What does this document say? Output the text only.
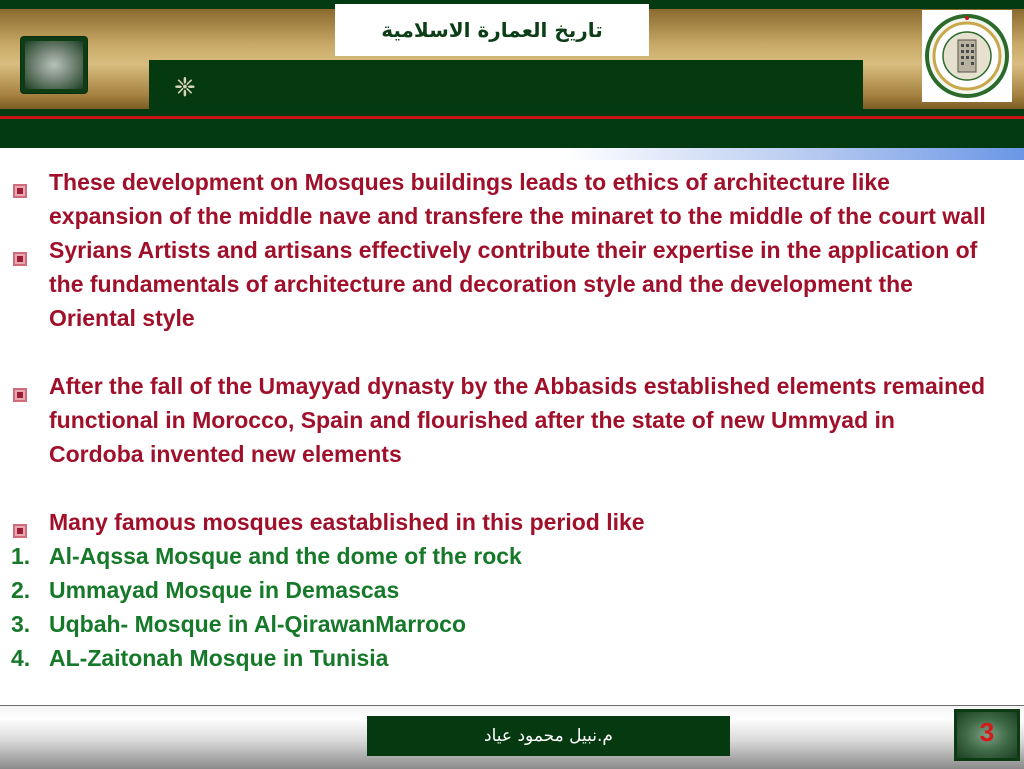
تاريخ العمارة الاسلامية
❈
These development on Mosques buildings leads to ethics of architecture like expansion of the middle nave and transfere the minaret to the middle of the court wall
Syrians Artists and artisans effectively contribute their expertise in the application of the fundamentals of architecture and decoration style and the development the Oriental style
After the fall of the Umayyad dynasty by the Abbasids established elements remained functional in Morocco, Spain and flourished after the state of new Ummyad in Cordoba invented new elements
Many famous mosques eastablished in this period like
1. Al-Aqssa Mosque and the dome of the rock
2. Ummayad Mosque in Demascas
3. Uqbah- Mosque in Al-QirawanMarroco
4. AL-Zaitonah Mosque in Tunisia
م.نبيل محمود عياد	3
